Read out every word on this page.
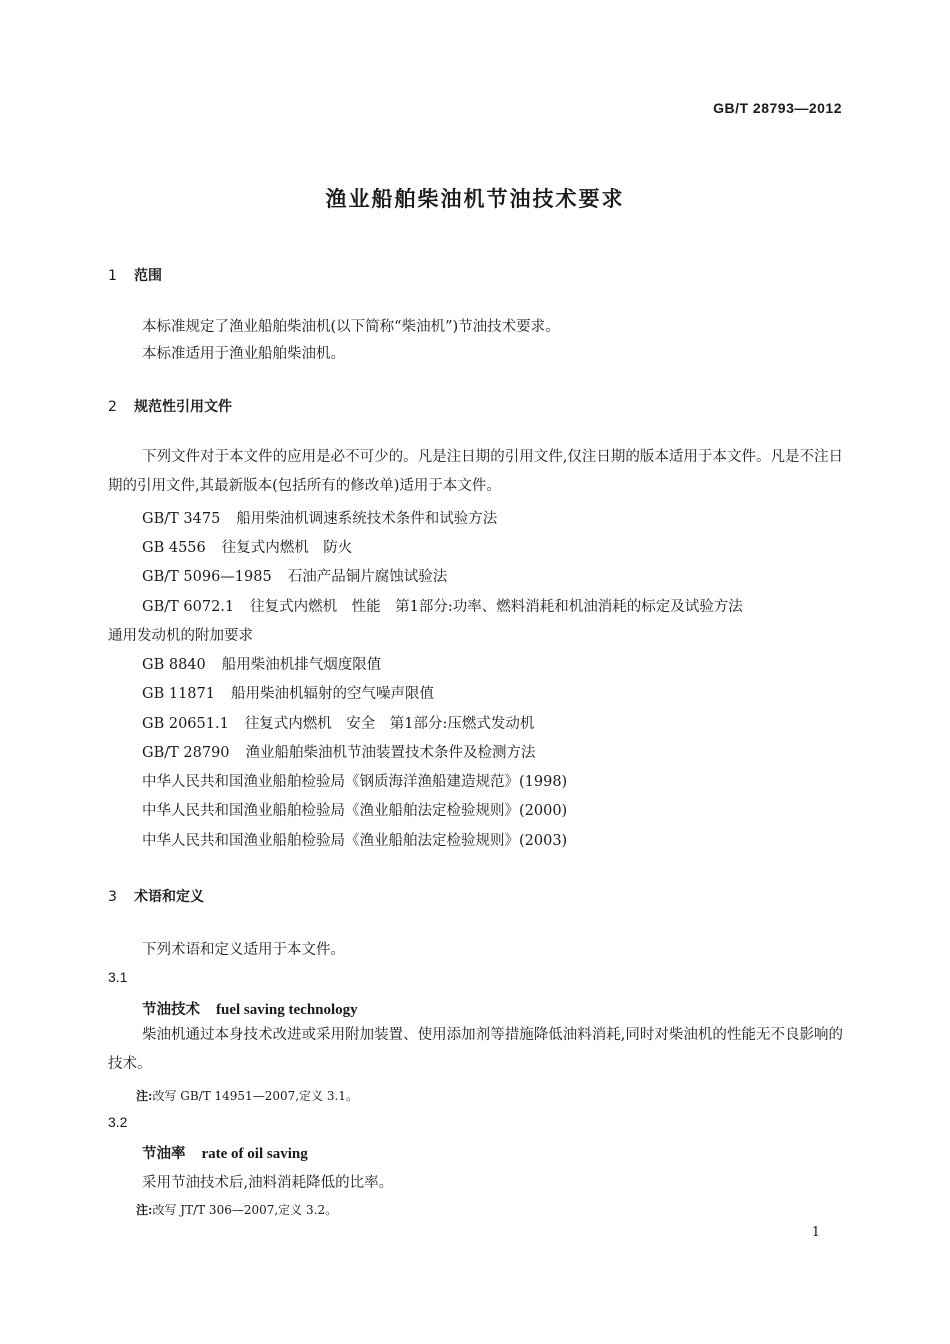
GB/T 28793—2012
渔业船舶柴油机节油技术要求
1 范围
本标准规定了渔业船舶柴油机(以下简称“柴油机”)节油技术要求。
本标准适用于渔业船舶柴油机。
2 规范性引用文件
下列文件对于本文件的应用是必不可少的。凡是注日期的引用文件,仅注日期的版本适用于本文件。凡是不注日期的引用文件,其最新版本(包括所有的修改单)适用于本文件。
GB/T 3475 船用柴油机调速系统技术条件和试验方法
GB 4556 往复式内燃机　防火
GB/T 5096—1985 石油产品铜片腐蚀试验法
GB/T 6072.1 往复式内燃机　性能　第1部分:功率、燃料消耗和机油消耗的标定及试验方法
通用发动机的附加要求
GB 8840 船用柴油机排气烟度限值
GB 11871 船用柴油机辐射的空气噪声限值
GB 20651.1 往复式内燃机　安全　第1部分:压燃式发动机
GB/T 28790 渔业船舶柴油机节油装置技术条件及检测方法
中华人民共和国渔业船舶检验局《钢质海洋渔船建造规范》(1998)
中华人民共和国渔业船舶检验局《渔业船舶法定检验规则》(2000)
中华人民共和国渔业船舶检验局《渔业船舶法定检验规则》(2003)
3 术语和定义
下列术语和定义适用于本文件。
3.1
节油技术 fuel saving technology
柴油机通过本身技术改进或采用附加装置、使用添加剂等措施降低油料消耗,同时对柴油机的性能无不良影响的技术。
注:改写 GB/T 14951—2007,定义 3.1。
3.2
节油率 rate of oil saving
采用节油技术后,油料消耗降低的比率。
注:改写 JT/T 306—2007,定义 3.2。
1
